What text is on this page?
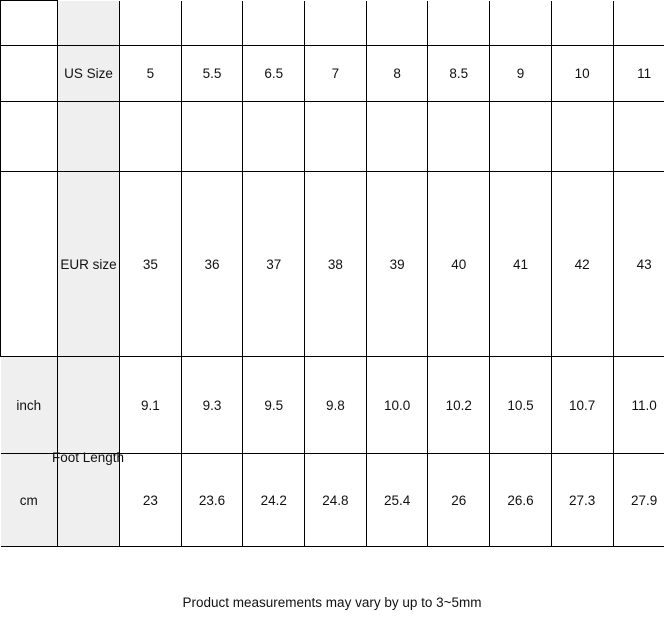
	US Size	5	5.5	6.5	7	8	8.5	9	10	11

	EUR size	35	36	37	38	39	40	41	42	43
inch		9.1	9.3	9.5	9.8	10.0	10.2	10.5	10.7	11.0
cm		23	23.6	24.2	24.8	25.4	26	26.6	27.3	27.9
Foot Length
Product measurements may vary by up to 3~5mm
